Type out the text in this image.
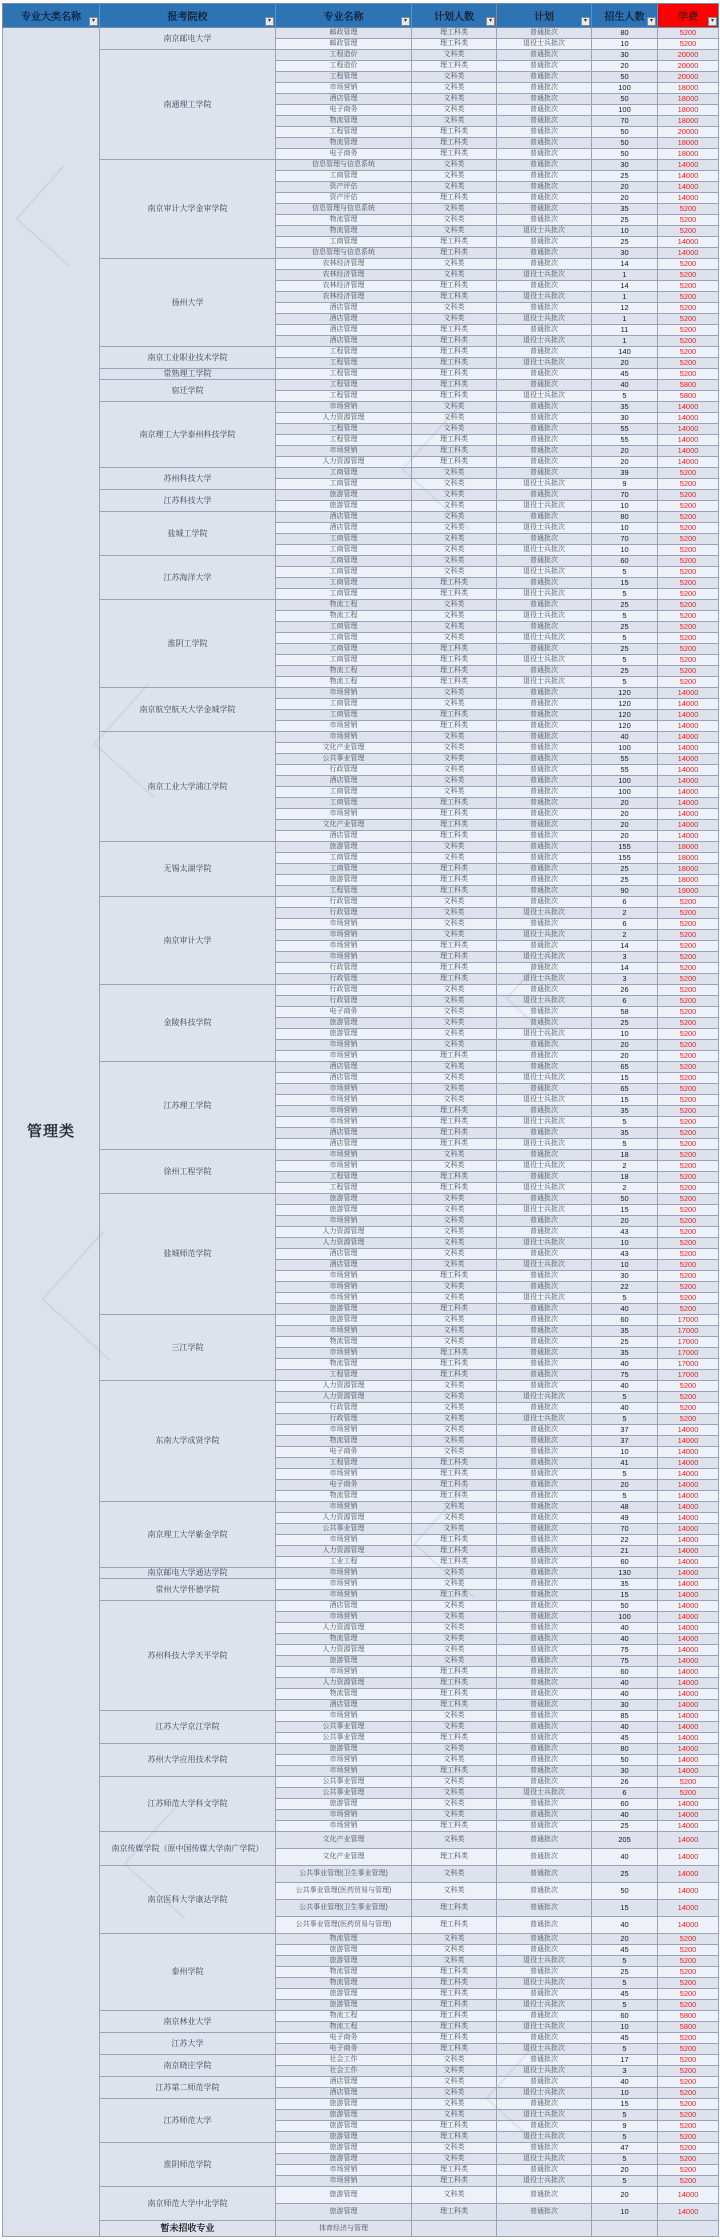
专业大类名称 ▾	报考院校 ▾	专业名称 ▾	计划人数 ▾	计划 ▾	招生人数 ▾	学费 ▾

管理类	南京邮电大学	邮政管理	理工科类	普通批次	80	5200
		邮政管理	理工科类	退役士兵批次	10	5200
	南通理工学院	工程造价	文科类	普通批次	30	20000
		工程造价	理工科类	普通批次	20	20000
		工程管理	文科类	普通批次	50	20000
		市场营销	文科类	普通批次	100	18000
		酒店管理	文科类	普通批次	50	18000
		电子商务	文科类	普通批次	100	18000
		物流管理	文科类	普通批次	70	18000
		工程管理	理工科类	普通批次	50	20000
		物流管理	理工科类	普通批次	50	18000
		电子商务	理工科类	普通批次	50	18000
	南京审计大学金审学院	信息管理与信息系统	文科类	普通批次	30	14000
		工商管理	文科类	普通批次	25	14000
		资产评估	文科类	普通批次	20	14000
		资产评估	理工科类	普通批次	20	14000
		信息管理与信息系统	文科类	普通批次	35	5200
		物流管理	文科类	普通批次	25	5200
		物流管理	文科类	退役士兵批次	10	5200
		工商管理	理工科类	普通批次	25	14000
		信息管理与信息系统	理工科类	普通批次	30	14000
	扬州大学	农林经济管理	文科类	普通批次	14	5200
		农林经济管理	文科类	退役士兵批次	1	5200
		农林经济管理	理工科类	普通批次	14	5200
		农林经济管理	理工科类	退役士兵批次	1	5200
		酒店管理	文科类	普通批次	12	5200
		酒店管理	文科类	退役士兵批次	1	5200
		酒店管理	理工科类	普通批次	11	5200
		酒店管理	理工科类	退役士兵批次	1	5200
	南京工业职业技术学院	工程管理	理工科类	普通批次	140	5200
		工程管理	理工科类	退役士兵批次	20	5200
	常熟理工学院	工程管理	理工科类	普通批次	45	5200
	宿迁学院	工程管理	理工科类	普通批次	40	5800
		工程管理	理工科类	退役士兵批次	5	5800
	南京理工大学泰州科技学院	市场营销	文科类	普通批次	35	14000
		人力资源管理	文科类	普通批次	30	14000
		工程管理	文科类	普通批次	55	14000
		工程管理	理工科类	普通批次	55	14000
		市场营销	理工科类	普通批次	20	14000
		人力资源管理	理工科类	普通批次	20	14000
	苏州科技大学	工商管理	文科类	普通批次	39	5200
		工商管理	文科类	退役士兵批次	9	5200
	江苏科技大学	旅游管理	文科类	普通批次	70	5200
		旅游管理	文科类	退役士兵批次	10	5200
	盐城工学院	酒店管理	文科类	普通批次	80	5200
		酒店管理	文科类	退役士兵批次	10	5200
		工商管理	文科类	普通批次	70	5200
		工商管理	文科类	退役士兵批次	10	5200
	江苏海洋大学	工商管理	文科类	普通批次	60	5200
		工商管理	文科类	退役士兵批次	5	5200
		工商管理	理工科类	普通批次	15	5200
		工商管理	理工科类	退役士兵批次	5	5200
	淮阴工学院	物流工程	文科类	普通批次	25	5200
		物流工程	文科类	退役士兵批次	5	5200
		工商管理	文科类	普通批次	25	5200
		工商管理	文科类	退役士兵批次	5	5200
		工商管理	理工科类	普通批次	25	5200
		工商管理	理工科类	退役士兵批次	5	5200
		物流工程	理工科类	普通批次	25	5200
		物流工程	理工科类	退役士兵批次	5	5200
	南京航空航天大学金城学院	市场营销	文科类	普通批次	120	14000
		工商管理	文科类	普通批次	120	14000
		工商管理	理工科类	普通批次	120	14000
		市场营销	理工科类	普通批次	120	14000
	南京工业大学浦江学院	市场营销	文科类	普通批次	40	14000
		文化产业管理	文科类	普通批次	100	14000
		公共事业管理	文科类	普通批次	55	14000
		行政管理	文科类	普通批次	55	14000
		酒店管理	文科类	普通批次	100	14000
		工商管理	文科类	普通批次	100	14000
		工商管理	理工科类	普通批次	20	14000
		市场营销	理工科类	普通批次	20	14000
		文化产业管理	理工科类	普通批次	20	14000
		酒店管理	理工科类	普通批次	20	14000
	无锡太湖学院	旅游管理	文科类	普通批次	155	18000
		工商管理	文科类	普通批次	155	18000
		工商管理	理工科类	普通批次	25	18000
		旅游管理	理工科类	普通批次	25	18000
		工程管理	理工科类	普通批次	90	19000
	南京审计大学	行政管理	文科类	普通批次	6	5200
		行政管理	文科类	退役士兵批次	2	5200
		市场营销	文科类	普通批次	6	5200
		市场营销	文科类	退役士兵批次	2	5200
		市场营销	理工科类	普通批次	14	5200
		市场营销	理工科类	退役士兵批次	3	5200
		行政管理	理工科类	普通批次	14	5200
		行政管理	理工科类	退役士兵批次	3	5200
	金陵科技学院	行政管理	文科类	普通批次	26	5200
		行政管理	文科类	退役士兵批次	6	5200
		电子商务	文科类	普通批次	58	5200
		旅游管理	文科类	普通批次	25	5200
		旅游管理	文科类	退役士兵批次	10	5200
		市场营销	文科类	普通批次	20	5200
		市场营销	理工科类	普通批次	20	5200
	江苏理工学院	酒店管理	文科类	普通批次	65	5200
		酒店管理	文科类	退役士兵批次	15	5200
		市场营销	文科类	普通批次	65	5200
		市场营销	文科类	退役士兵批次	15	5200
		市场营销	理工科类	普通批次	35	5200
		市场营销	理工科类	退役士兵批次	5	5200
		酒店管理	理工科类	普通批次	35	5200
		酒店管理	理工科类	退役士兵批次	5	5200
	徐州工程学院	市场营销	文科类	普通批次	18	5200
		市场营销	文科类	退役士兵批次	2	5200
		工程管理	理工科类	普通批次	18	5200
		工程管理	理工科类	退役士兵批次	2	5200
	盐城师范学院	旅游管理	文科类	普通批次	50	5200
		旅游管理	文科类	退役士兵批次	15	5200
		市场营销	文科类	普通批次	20	5200
		人力资源管理	文科类	普通批次	43	5200
		人力资源管理	文科类	退役士兵批次	10	5200
		酒店管理	文科类	普通批次	43	5200
		酒店管理	文科类	退役士兵批次	10	5200
		市场营销	理工科类	普通批次	30	5200
		市场营销	文科类	普通批次	22	5200
		市场营销	文科类	退役士兵批次	5	5200
		旅游管理	理工科类	普通批次	40	5200
	三江学院	旅游管理	文科类	普通批次	60	17000
		市场营销	文科类	普通批次	35	17000
		物流管理	文科类	普通批次	25	17000
		市场营销	理工科类	普通批次	35	17000
		物流管理	理工科类	普通批次	40	17000
		工程管理	理工科类	普通批次	75	17000
	东南大学成贤学院	人力资源管理	文科类	普通批次	40	5200
		人力资源管理	文科类	退役士兵批次	5	5200
		行政管理	文科类	普通批次	40	5200
		行政管理	文科类	退役士兵批次	5	5200
		市场营销	文科类	普通批次	37	14000
		物流管理	文科类	普通批次	37	14000
		电子商务	文科类	普通批次	10	14000
		工程管理	理工科类	普通批次	41	14000
		市场营销	理工科类	普通批次	5	14000
		电子商务	理工科类	普通批次	20	14000
		物流管理	理工科类	普通批次	5	14000
	南京理工大学紫金学院	市场营销	文科类	普通批次	48	14000
		人力资源管理	文科类	普通批次	49	14000
		公共事业管理	文科类	普通批次	70	14000
		市场营销	理工科类	普通批次	22	14000
		人力资源管理	理工科类	普通批次	21	14000
		工业工程	理工科类	普通批次	60	14000
	南京邮电大学通达学院	市场营销	文科类	普通批次	130	14000
	常州大学怀德学院	市场营销	文科类	普通批次	35	14000
		市场营销	理工科类	普通批次	15	14000
	苏州科技大学天平学院	酒店管理	文科类	普通批次	50	14000
		市场营销	文科类	普通批次	100	14000
		人力资源管理	文科类	普通批次	40	14000
		物流管理	文科类	普通批次	40	14000
		人力资源管理	文科类	普通批次	75	14000
		旅游管理	文科类	普通批次	75	14000
		市场营销	理工科类	普通批次	60	14000
		人力资源管理	理工科类	普通批次	40	14000
		物流管理	理工科类	普通批次	40	14000
		酒店管理	理工科类	普通批次	30	14000
	江苏大学京江学院	市场营销	文科类	普通批次	85	14000
		公共事业管理	文科类	普通批次	40	14000
		公共事业管理	理工科类	普通批次	45	14000
	苏州大学应用技术学院	旅游管理	文科类	普通批次	80	14000
		市场营销	文科类	普通批次	50	14000
		市场营销	理工科类	普通批次	30	14000
	江苏师范大学科文学院	公共事业管理	文科类	普通批次	26	5200
		公共事业管理	文科类	退役士兵批次	6	5200
		旅游管理	文科类	普通批次	60	14000
		市场营销	文科类	普通批次	40	14000
		市场营销	理工科类	普通批次	25	14000
	南京传媒学院（原中国传媒大学南广学院）	文化产业管理	文科类	普通批次	205	14000
		文化产业管理	理工科类	普通批次	40	14000
	南京医科大学康达学院	公共事业管理(卫生事业管理)	文科类	普通批次	25	14000
		公共事业管理(医药贸易与管理)	文科类	普通批次	50	14000
		公共事业管理(卫生事业管理)	理工科类	普通批次	15	14000
		公共事业管理(医药贸易与管理)	理工科类	普通批次	40	14000
	泰州学院	物流管理	文科类	普通批次	20	5200
		旅游管理	文科类	普通批次	45	5200
		旅游管理	文科类	退役士兵批次	5	5200
		物流管理	理工科类	普通批次	25	5200
		物流管理	理工科类	退役士兵批次	5	5200
		旅游管理	理工科类	普通批次	45	5200
		旅游管理	理工科类	退役士兵批次	5	5200
	南京林业大学	物流工程	理工科类	普通批次	60	5800
		物流工程	理工科类	退役士兵批次	10	5800
	江苏大学	电子商务	理工科类	普通批次	45	5200
		电子商务	理工科类	退役士兵批次	5	5200
	南京晓庄学院	社会工作	文科类	普通批次	17	5200
		社会工作	文科类	退役士兵批次	3	5200
	江苏第二师范学院	酒店管理	文科类	普通批次	40	5200
		酒店管理	文科类	退役士兵批次	10	5200
	江苏师范大学	旅游管理	文科类	普通批次	15	5200
		旅游管理	文科类	退役士兵批次	5	5200
		旅游管理	理工科类	普通批次	9	5200
		旅游管理	理工科类	退役士兵批次	5	5200
	淮阴师范学院	旅游管理	文科类	普通批次	47	5200
		旅游管理	文科类	退役士兵批次	5	5200
		市场营销	理工科类	普通批次	20	5200
		市场营销	理工科类	退役士兵批次	5	5200
	南京师范大学中北学院	旅游管理	文科类	普通批次	20	14000
		旅游管理	理工科类	普通批次	10	14000
	暂未招收专业	体育经济与管理				
